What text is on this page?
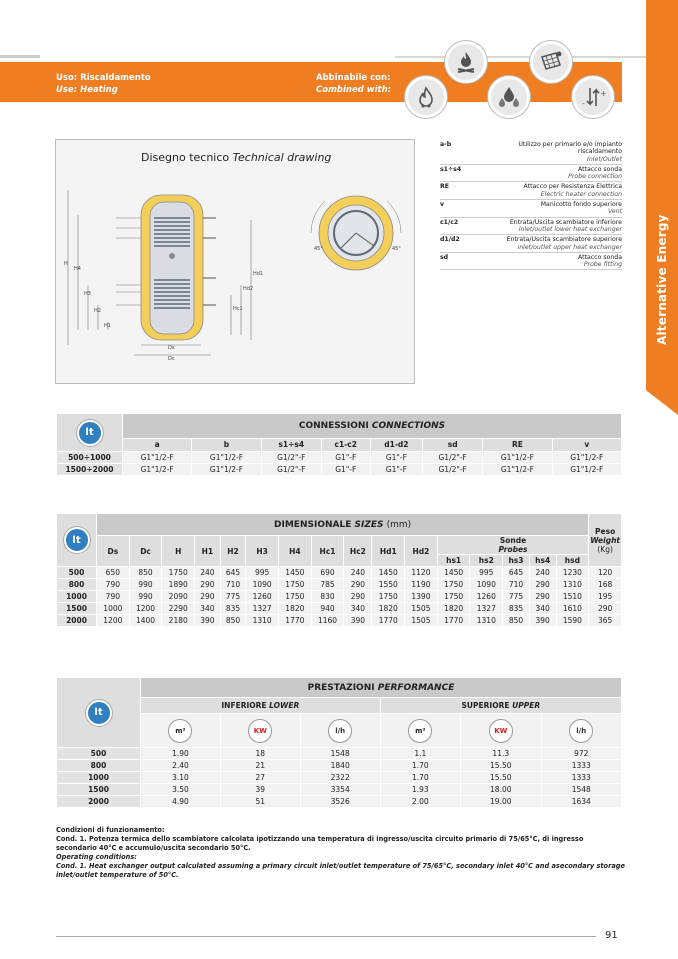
Uso: Riscaldamento
Use: Heating
Abbinabile con:
Combined with:	+
-
Alternative Energy
H
H4
H3
H2
H1
Hd1
Hd2
Hc1
Ds
Dc
45°	45°
Disegno tecnico Technical drawing
a-b	Utilizzo per primario e/o impianto riscaldamento
Inlet/Outlet
s1÷s4	Attacco sonda
Probe connection
RE	Attacco per Resistenza Elettrica
Electric heater connection
v	Manicotto fondo superiore
Vent
c1/c2	Entrata/Uscita scambiatore inferiore
inlet/outlet lower heat exchanger
d1/d2	Entrata/Uscita scambiatore superiore
inlet/outlet upper heat exchanger
sd	Attacco sonda
Probe fitting
lt	CONNESSIONI CONNECTIONS							
	a	b	s1÷s4	c1-c2	d1-d2	sd	RE	v
500÷1000	G1"1/2-F	G1"1/2-F	G1/2"-F	G1"-F	G1"-F	G1/2"-F	G1"1/2-F	G1"1/2-F
1500÷2000	G1"1/2-F	G1"1/2-F	G1/2"-F	G1"-F	G1"-F	G1/2"-F	G1"1/2-F	G1"1/2-F
lt	DIMENSIONALE SIZES (mm)																Peso
Weight
(Kg)
	Ds	Dc	H	H1	H2	H3	H4	Hc1	Hc2	Hd1	Hd2	Sonde
Probes					
												hs1	hs2	hs3	hs4	hsd	
500	650	850	1750	240	645	995	1450	690	240	1450	1120	1450	995	645	240	1230	120
800	790	990	1890	290	710	1090	1750	785	290	1550	1190	1750	1090	710	290	1310	168
1000	790	990	2090	290	775	1260	1750	830	290	1750	1390	1750	1260	775	290	1510	195
1500	1000	1200	2290	340	835	1327	1820	940	340	1820	1505	1820	1327	835	340	1610	290
2000	1200	1400	2180	390	850	1310	1770	1160	390	1770	1505	1770	1310	850	390	1590	365
lt	PRESTAZIONI PERFORMANCE					
	INFERIORE LOWER			SUPERIORE UPPER		
	m²	KW	l/h	m²	KW	l/h
500	1.90	18	1548	1.1	11.3	972
800	2.40	21	1840	1.70	15.50	1333
1000	3.10	27	2322	1.70	15.50	1333
1500	3.50	39	3354	1.93	18.00	1548
2000	4.90	51	3526	2.00	19.00	1634
Condizioni di funzionamento:
Cond. 1. Potenza termica dello scambiatore calcolata ipotizzando una temperatura di ingresso/uscita circuito primario di 75/65°C, di ingresso secondario 40°C e accumulo/uscita secondario 50°C.
Operating conditions:
Cond. 1. Heat exchanger output calculated assuming a primary circuit inlet/outlet temperature of 75/65°C, secondary inlet 40°C and asecondary storage inlet/outlet temperature of 50°C.
91
